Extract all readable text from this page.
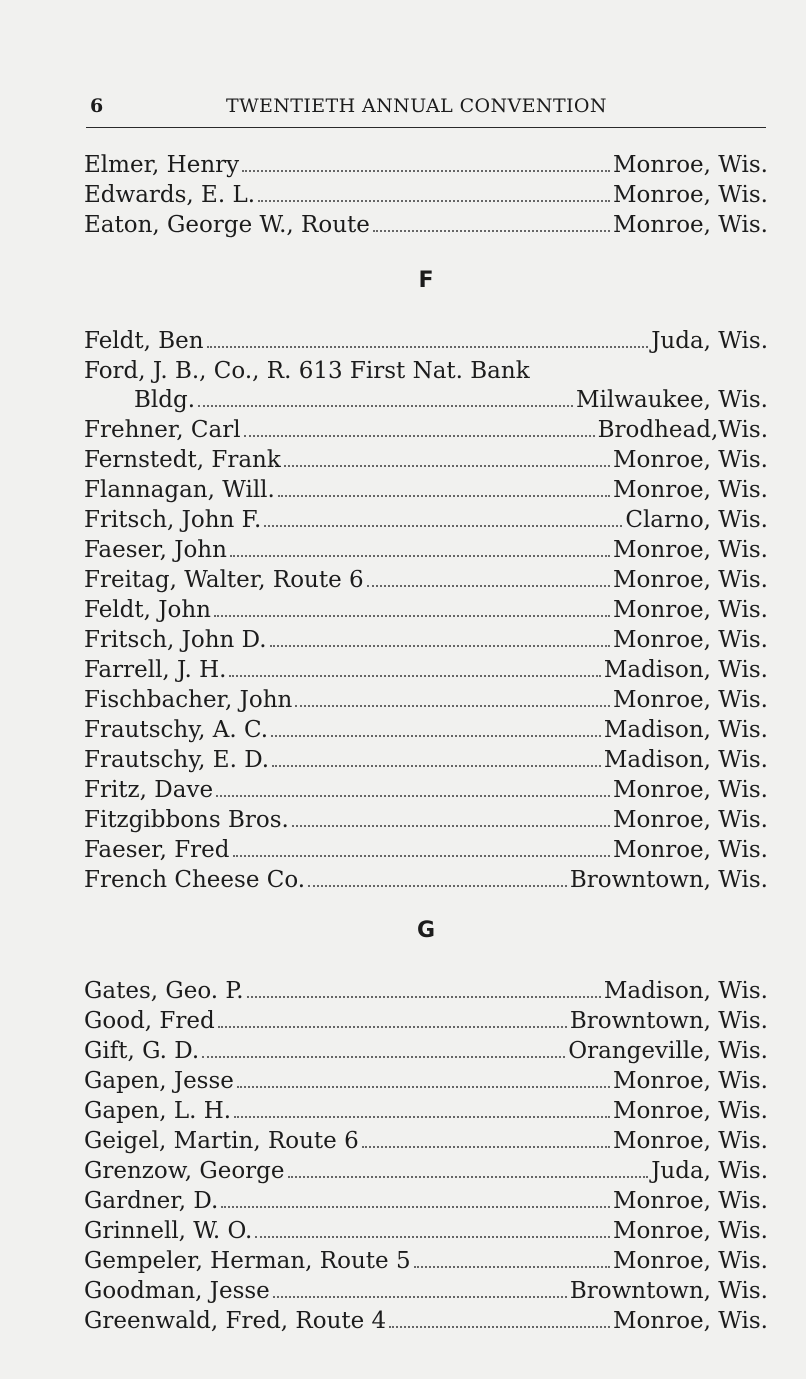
6	TWENTIETH ANNUAL CONVENTION
Elmer, Henry	Monroe, Wis.
Edwards, E. L.	Monroe, Wis.
Eaton, George W., Route	Monroe, Wis.
F
Feldt, Ben	Juda, Wis.
Ford, J. B., Co., R. 613 First Nat. Bank
Bldg.	Milwaukee, Wis.
Frehner, Carl	Brodhead,Wis.
Fernstedt, Frank	Monroe, Wis.
Flannagan, Will.	Monroe, Wis.
Fritsch, John F.	Clarno, Wis.
Faeser, John	Monroe, Wis.
Freitag, Walter, Route 6	Monroe, Wis.
Feldt, John	Monroe, Wis.
Fritsch, John D.	Monroe, Wis.
Farrell, J. H.	Madison, Wis.
Fischbacher, John	Monroe, Wis.
Frautschy, A. C.	Madison, Wis.
Frautschy, E. D.	Madison, Wis.
Fritz, Dave	Monroe, Wis.
Fitzgibbons Bros.	Monroe, Wis.
Faeser, Fred	Monroe, Wis.
French Cheese Co.	Browntown, Wis.
G
Gates, Geo. P.	Madison, Wis.
Good, Fred	Browntown, Wis.
Gift, G. D.	Orangeville, Wis.
Gapen, Jesse	Monroe, Wis.
Gapen, L. H.	Monroe, Wis.
Geigel, Martin, Route 6	Monroe, Wis.
Grenzow, George	Juda, Wis.
Gardner, D.	Monroe, Wis.
Grinnell, W. O.	Monroe, Wis.
Gempeler, Herman, Route 5	Monroe, Wis.
Goodman, Jesse	Browntown, Wis.
Greenwald, Fred, Route 4	Monroe, Wis.
